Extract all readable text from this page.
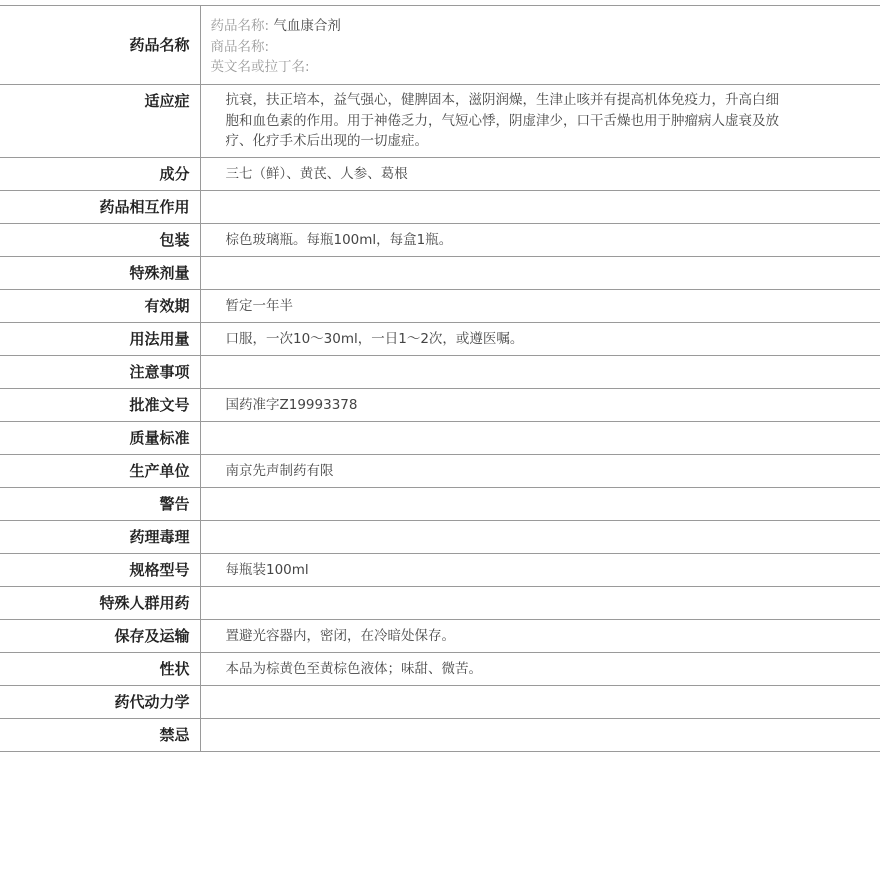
药品名称	药品名称: 气血康合剂
商品名称:
英文名或拉丁名:

适应症	抗衰，扶正培本，益气强心，健脾固本，滋阴润燥，生津止咳并有提高机体免疫力，升高白细胞和血色素的作用。用于神倦乏力，气短心悸，阴虚津少，口干舌燥也用于肿瘤病人虚衰及放疗、化疗手术后出现的一切虚症。
成分	三七（鲜）、黄芪、人参、葛根
药品相互作用	
包装	棕色玻璃瓶。每瓶100ml，每盒1瓶。
特殊剂量	
有效期	暂定一年半
用法用量	口服，一次10～30ml，一日1～2次，或遵医嘱。
注意事项	
批准文号	国药准字Z19993378
质量标准	
生产单位	南京先声制药有限
警告	
药理毒理	
规格型号	每瓶装100ml
特殊人群用药	
保存及运输	置避光容器内，密闭，在冷暗处保存。
性状	本品为棕黄色至黄棕色液体；味甜、微苦。
药代动力学	
禁忌	
